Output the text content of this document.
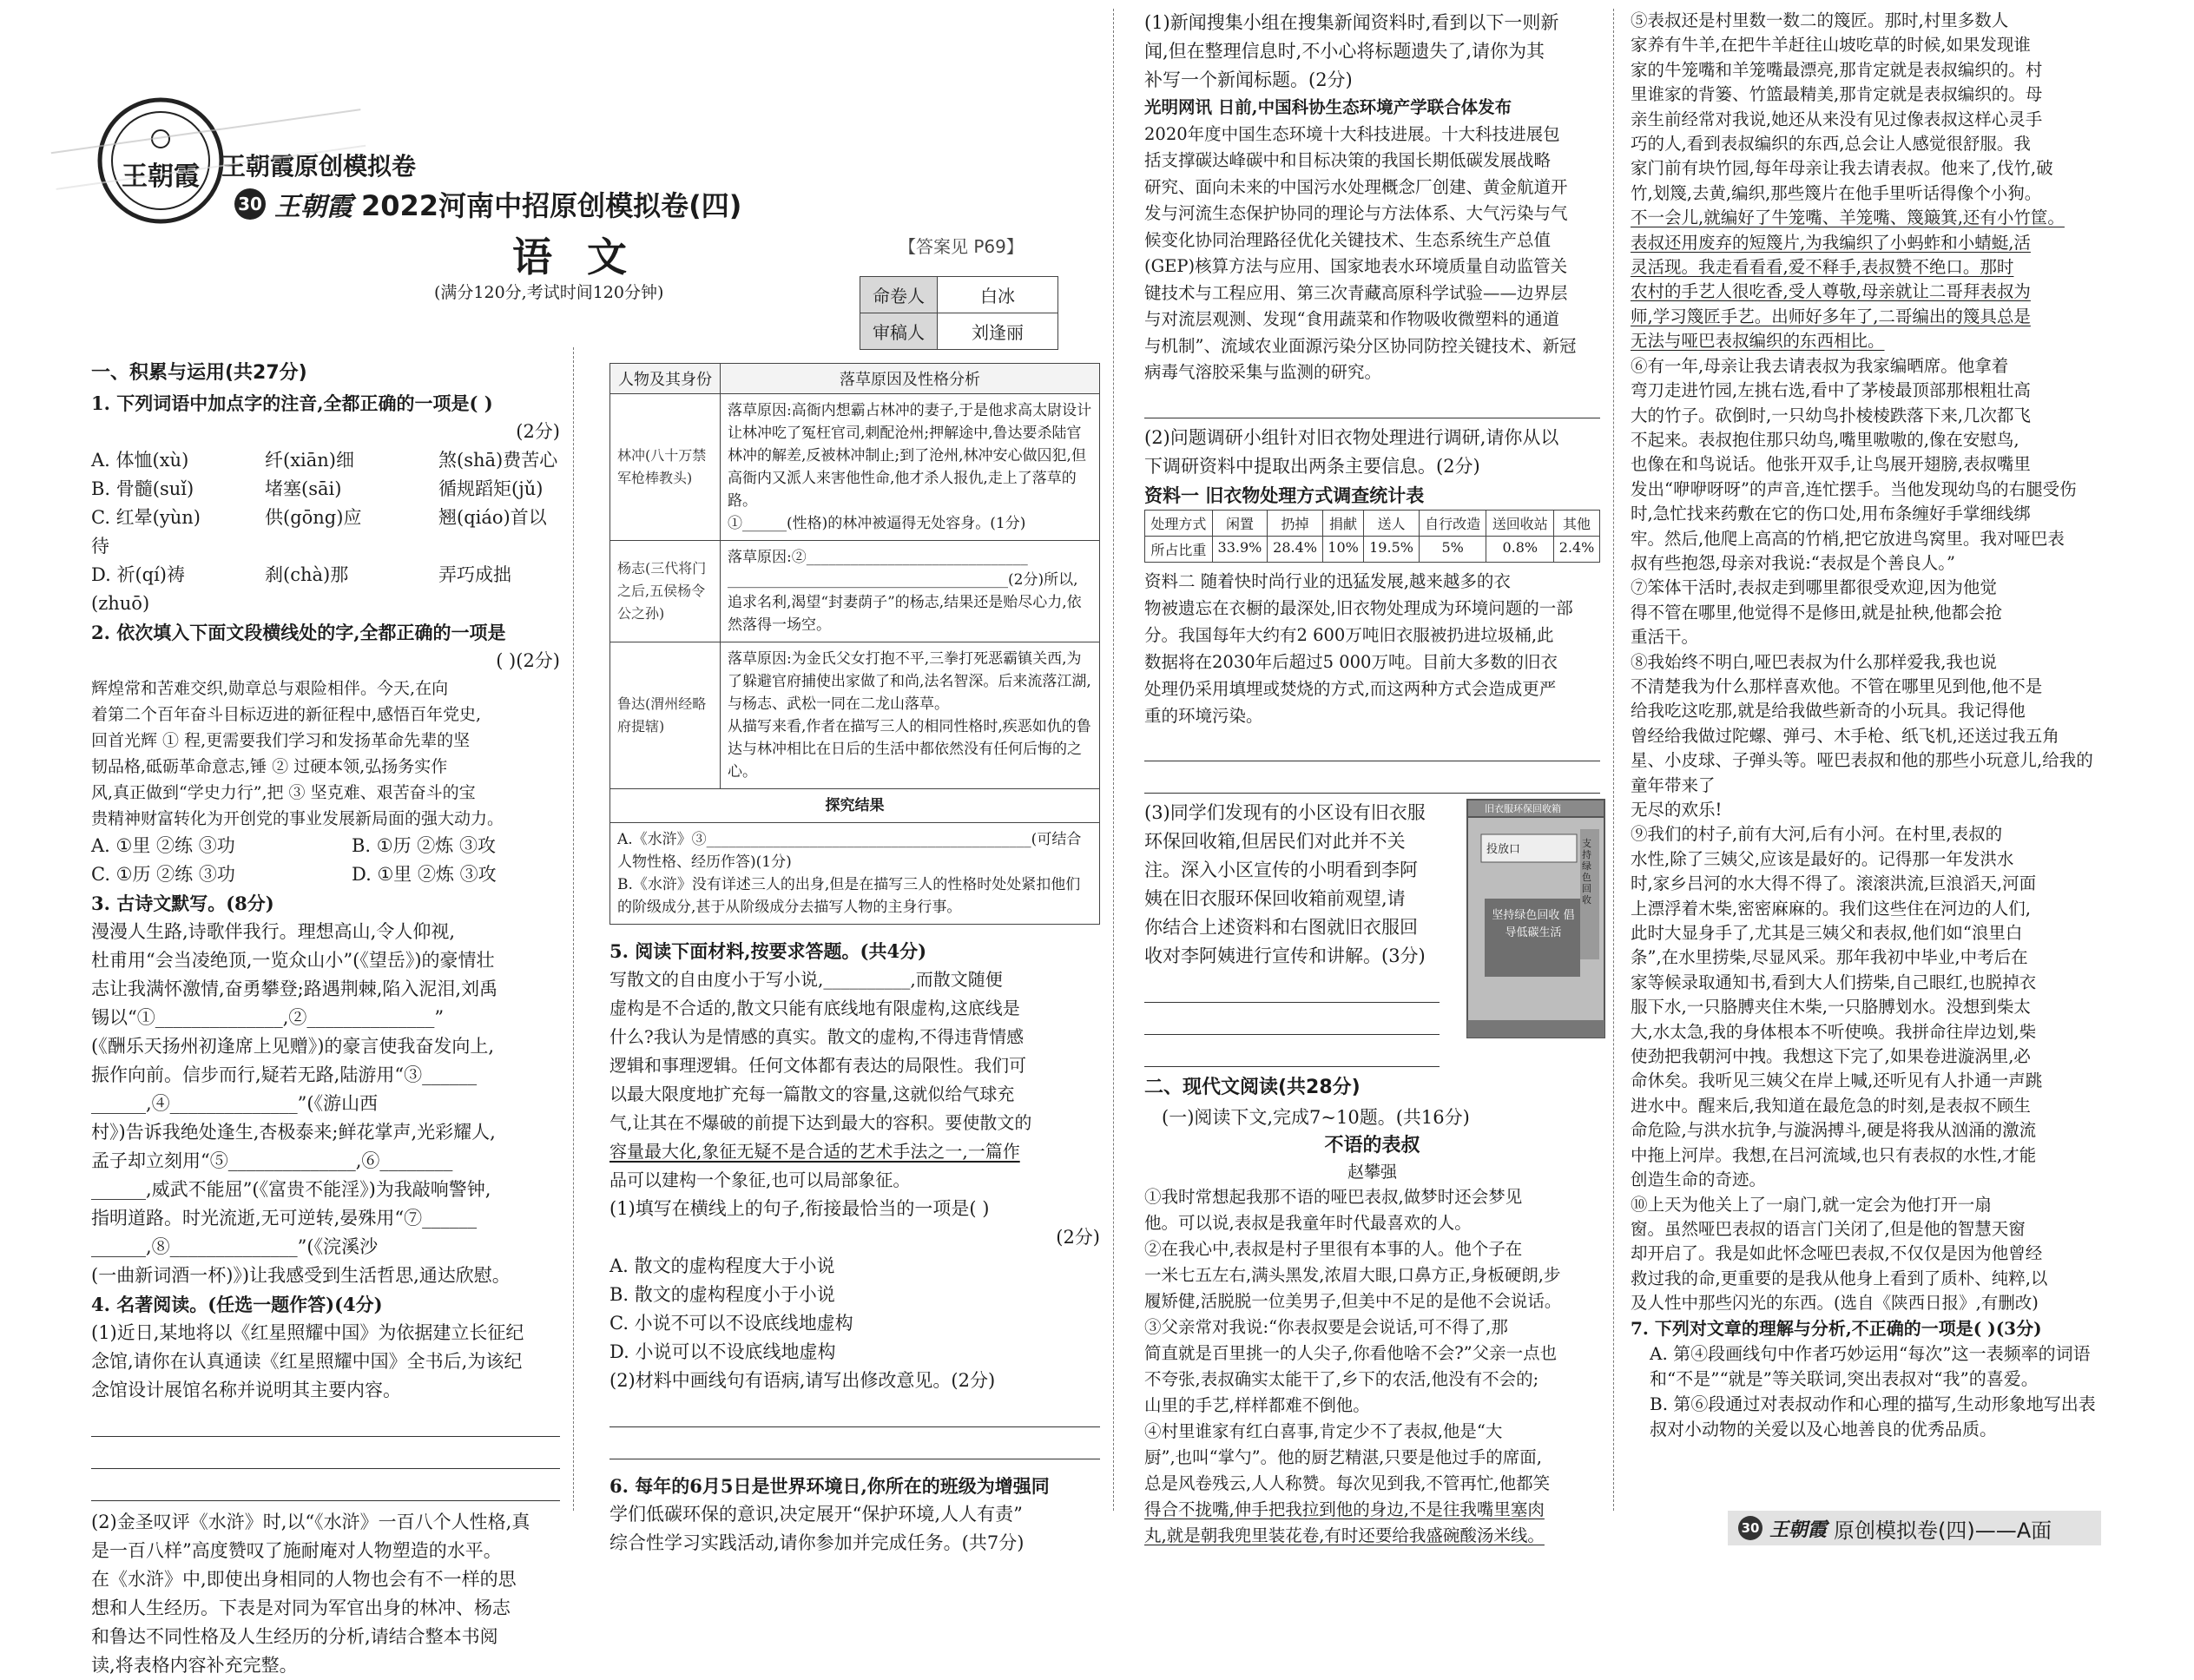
王朝霞 王朝霞原创模拟卷
30 王朝霞 2022河南中招原创模拟卷(四)
语 文	【答案见 P69】
(满分120分,考试时间120分钟)	命卷人	白冰
审稿人	刘逢丽

一、积累与运用(共27分)

1. 下列词语中加点字的注音,全都正确的一项是( )

(2分)

A. 体恤(xù)	纤(xiān)细	煞(shā)费苦心

B. 骨髓(suǐ)	堵塞(sāi)	循规蹈矩(jǔ)

C. 红晕(yùn)	供(gōng)应	翘(qiáo)首以待

D. 祈(qí)祷	刹(chà)那	弄巧成拙(zhuō)

2. 依次填入下面文段横线处的字,全都正确的一项是

( )(2分)

辉煌常和苦难交织,勋章总与艰险相伴。今天,在向

着第二个百年奋斗目标迈进的新征程中,感悟百年党史,

回首光辉 ① 程,更需要我们学习和发扬革命先辈的坚

韧品格,砥砺革命意志,锤 ② 过硬本领,弘扬务实作

风,真正做到“学史力行”,把 ③ 坚克难、艰苦奋斗的宝

贵精神财富转化为开创党的事业发展新局面的强大动力。

A. ①里 ②练 ③功	B. ①历 ②炼 ③攻

C. ①历 ②练 ③功	D. ①里 ②炼 ③攻

3. 古诗文默写。(8分)

漫漫人生路,诗歌伴我行。理想高山,令人仰视,

杜甫用“会当凌绝顶,一览众山小”(《望岳》)的豪情壮

志让我满怀激情,奋勇攀登;路遇荆棘,陷入泥泪,刘禹

锡以“①______________,②______________”

(《酬乐天扬州初逢席上见赠》)的豪言使我奋发向上,

振作向前。信步而行,疑若无路,陆游用“③______

______,④______________”(《游山西

村》)告诉我绝处逢生,杏极泰来;鲜花掌声,光彩耀人,

孟子却立刻用“⑤______________,⑥________

______,威武不能屈”(《富贵不能淫》)为我敲响警钟,

指明道路。时光流逝,无可逆转,晏殊用“⑦______

______,⑧______________”(《浣溪沙

(一曲新词酒一杯)》)让我感受到生活哲思,通达欣慰。

4. 名著阅读。(任选一题作答)(4分)

(1)近日,某地将以《红星照耀中国》为依据建立长征纪

念馆,请你在认真通读《红星照耀中国》全书后,为该纪

念馆设计展馆名称并说明其主要内容。

(2)金圣叹评《水浒》时,以“《水浒》一百八个人性格,真

是一百八样”高度赞叹了施耐庵对人物塑造的水平。

在《水浒》中,即使出身相同的人物也会有不一样的思

想和人生经历。下表是对同为军官出身的林冲、杨志

和鲁达不同性格及人生经历的分析,请结合整本书阅

读,将表格内容补充完整。

人物及其身份	落草原因及性格分析
林冲(八十万禁军枪棒教头)	落草原因:高衙内想霸占林冲的妻子,于是他求高太尉设计让林冲吃了冤枉官司,刺配沧州;押解途中,鲁达要杀陆官林冲的解差,反被林冲制止;到了沧州,林冲安心做囚犯,但高衙内又派人来害他性命,他才杀人报仇,走上了落草的路。

①______(性格)的林冲被逼得无处容身。(1分)

杨志(三代将门之后,五侯杨令公之孙)	落草原因:②______________________________

______________________________________(2分)所以,追求名利,渴望“封妻荫子”的杨志,结果还是贻尽心力,依然落得一场空。

鲁达(渭州经略府提辖)	落草原因:为金氏父女打抱不平,三拳打死恶霸镇关西,为了躲避官府捕使出家做了和尚,法名智深。后来流落江湖,与杨志、武松一同在二龙山落草。

从描写来看,作者在描写三人的相同性格时,疾恶如仇的鲁达与林冲相比在日后的生活中都依然没有任何后悔的之心。

探究结果	

A.《水浒》③____________________________________________(可结合人物性格、经历作答)(1分)

B.《水浒》没有详述三人的出身,但是在描写三人的性格时处处紧扣他们的阶级成分,甚于从阶级成分去描写人物的主身行事。	

5. 阅读下面材料,按要求答题。(共4分)

写散文的自由度小于写小说,__________,而散文随便

虚构是不合适的,散文只能有底线地有限虚构,这底线是

什么?我认为是情感的真实。散文的虚构,不得违背情感

逻辑和事理逻辑。任何文体都有表达的局限性。我们可

以最大限度地扩充每一篇散文的容量,这就似给气球充

气,让其在不爆破的前提下达到最大的容积。要使散文的

容量最大化,象征无疑不是合适的艺术手法之一,一篇作

品可以建构一个象征,也可以局部象征。

(1)填写在横线上的句子,衔接最恰当的一项是( )

(2分)

A. 散文的虚构程度大于小说

B. 散文的虚构程度小于小说

C. 小说不可以不设底线地虚构

D. 小说可以不设底线地虚构

(2)材料中画线句有语病,请写出修改意见。(2分)

6. 每年的6月5日是世界环境日,你所在的班级为增强同

学们低碳环保的意识,决定展开“保护环境,人人有责”

综合性学习实践活动,请你参加并完成任务。(共7分)

(1)新闻搜集小组在搜集新闻资料时,看到以下一则新

闻,但在整理信息时,不小心将标题遗失了,请你为其

补写一个新闻标题。(2分)

光明网讯 日前,中国科协生态环境产学联合体发布

2020年度中国生态环境十大科技进展。十大科技进展包

括支撑碳达峰碳中和目标决策的我国长期低碳发展战略

研究、面向未来的中国污水处理概念厂创建、黄金航道开

发与河流生态保护协同的理论与方法体系、大气污染与气

候变化协同治理路径优化关键技术、生态系统生产总值

(GEP)核算方法与应用、国家地表水环境质量自动监管关

键技术与工程应用、第三次青藏高原科学试验——边界层

与对流层观测、发现“食用蔬菜和作物吸收微塑料的通道

与机制”、流域农业面源污染分区协同防控关键技术、新冠

病毒气溶胶采集与监测的研究。

(2)问题调研小组针对旧衣物处理进行调研,请你从以

下调研资料中提取出两条主要信息。(2分)

资料一 旧衣物处理方式调查统计表

处理方式	闲置	扔掉	捐献	送人	自行改造	送回收站	其他
所占比重	33.9%	28.4%	10%	19.5%	5%	0.8%	2.4%

资料二 随着快时尚行业的迅猛发展,越来越多的衣

物被遗忘在衣橱的最深处,旧衣物处理成为环境问题的一部

分。我国每年大约有2 600万吨旧衣服被扔进垃圾桶,此

数据将在2030年后超过5 000万吨。目前大多数的旧衣

处理仍采用填埋或焚烧的方式,而这两种方式会造成更严

重的环境污染。

(3)同学们发现有的小区设有旧衣服

环保回收箱,但居民们对此并不关

注。深入小区宣传的小明看到李阿

姨在旧衣服环保回收箱前观望,请

你结合上述资料和右图就旧衣服回

收对李阿姨进行宣传和讲解。(3分)

二、现代文阅读(共28分)

(一)阅读下文,完成7~10题。(共16分)

不语的表叔

赵攀强

①我时常想起我那不语的哑巴表叔,做梦时还会梦见

他。可以说,表叔是我童年时代最喜欢的人。

②在我心中,表叔是村子里很有本事的人。他个子在

一米七五左右,满头黑发,浓眉大眼,口鼻方正,身板硬朗,步

履矫健,活脱脱一位美男子,但美中不足的是他不会说话。

③父亲常对我说:“你表叔要是会说话,可不得了,那

简直就是百里挑一的人尖子,你看他啥不会?”父亲一点也

不夸张,表叔确实太能干了,乡下的农活,他没有不会的;

山里的手艺,样样都难不倒他。

④村里谁家有红白喜事,肯定少不了表叔,他是“大

厨”,也叫“掌勺”。他的厨艺精湛,只要是他过手的席面,

总是风卷残云,人人称赞。每次见到我,不管再忙,他都笑

得合不拢嘴,伸手把我拉到他的身边,不是往我嘴里塞肉

丸,就是朝我兜里装花卷,有时还要给我盛碗酸汤米线。

旧衣服环保回收箱
投放口	支持绿色回收
坚持绿色回收 倡导低碳生活

⑤表叔还是村里数一数二的篾匠。那时,村里多数人

家养有牛羊,在把牛羊赶往山坡吃草的时候,如果发现谁

家的牛笼嘴和羊笼嘴最漂亮,那肯定就是表叔编织的。村

里谁家的背篓、竹篮最精美,那肯定就是表叔编织的。母

亲生前经常对我说,她还从来没有见过像表叔这样心灵手

巧的人,看到表叔编织的东西,总会让人感觉很舒服。我

家门前有块竹园,每年母亲让我去请表叔。他来了,伐竹,破

竹,划篾,去黄,编织,那些篾片在他手里听话得像个小狗。

不一会儿,就编好了牛笼嘴、羊笼嘴、篾簸箕,还有小竹筐。

表叔还用废弃的短篾片,为我编织了小蚂蚱和小蜻蜓,活

灵活现。我走看看看,爱不释手,表叔赞不绝口。那时

农村的手艺人很吃香,受人尊敬,母亲就让二哥拜表叔为

师,学习篾匠手艺。出师好多年了,二哥编出的篾具总是

无法与哑巴表叔编织的东西相比。

⑥有一年,母亲让我去请表叔为我家编晒席。他拿着

弯刀走进竹园,左挑右选,看中了茅棱最顶部那根粗壮高

大的竹子。砍倒时,一只幼鸟扑棱棱跌落下来,几次都飞

不起来。表叔抱住那只幼鸟,嘴里嗷嗷的,像在安慰鸟,

也像在和鸟说话。他张开双手,让鸟展开翅膀,表叔嘴里

发出“咿咿呀呀”的声音,连忙摆手。当他发现幼鸟的右腿受伤

时,急忙找来药敷在它的伤口处,用布条缠好手掌细线绑

牢。然后,他爬上高高的竹梢,把它放进鸟窝里。我对哑巴表

叔有些抱怨,母亲对我说:“表叔是个善良人。”

⑦笨体干活时,表叔走到哪里都很受欢迎,因为他觉

得不管在哪里,他觉得不是修田,就是扯秧,他都会抢

重活干。

⑧我始终不明白,哑巴表叔为什么那样爱我,我也说

不清楚我为什么那样喜欢他。不管在哪里见到他,他不是

给我吃这吃那,就是给我做些新奇的小玩具。我记得他

曾经给我做过陀螺、弹弓、木手枪、纸飞机,还送过我五角

星、小皮球、子弹头等。哑巴表叔和他的那些小玩意儿,给我的童年带来了

无尽的欢乐!

⑨我们的村子,前有大河,后有小河。在村里,表叔的

水性,除了三姨父,应该是最好的。记得那一年发洪水

时,家乡吕河的水大得不得了。滚滚洪流,巨浪滔天,河面

上漂浮着木柴,密密麻麻的。我们这些住在河边的人们,

此时大显身手了,尤其是三姨父和表叔,他们如“浪里白

条”,在水里捞柴,尽显风采。那年我初中毕业,中考后在

家等候录取通知书,看到大人们捞柴,自己眼红,也脱掉衣

服下水,一只胳膊夹住木柴,一只胳膊划水。没想到柴太

大,水太急,我的身体根本不听使唤。我拼命往岸边划,柴

使劲把我朝河中拽。我想这下完了,如果卷进漩涡里,必

命休矣。我听见三姨父在岸上喊,还听见有人扑通一声跳

进水中。醒来后,我知道在最危急的时刻,是表叔不顾生

命危险,与洪水抗争,与漩涡搏斗,硬是将我从汹涌的激流

中拖上河岸。我想,在吕河流域,也只有表叔的水性,才能

创造生命的奇迹。

⑩上天为他关上了一扇门,就一定会为他打开一扇

窗。虽然哑巴表叔的语言门关闭了,但是他的智慧天窗

却开启了。我是如此怀念哑巴表叔,不仅仅是因为他曾经

救过我的命,更重要的是我从他身上看到了质朴、纯粹,以

及人性中那些闪光的东西。(选自《陕西日报》,有删改)

7. 下列对文章的理解与分析,不正确的一项是( )(3分)

A. 第④段画线句中作者巧妙运用“每次”这一表频率的词语和“不是”“就是”等关联词,突出表叔对“我”的喜爱。

B. 第⑥段通过对表叔动作和心理的描写,生动形象地写出表叔对小动物的关爱以及心地善良的优秀品质。

30 王朝霞 原创模拟卷(四)——A面
